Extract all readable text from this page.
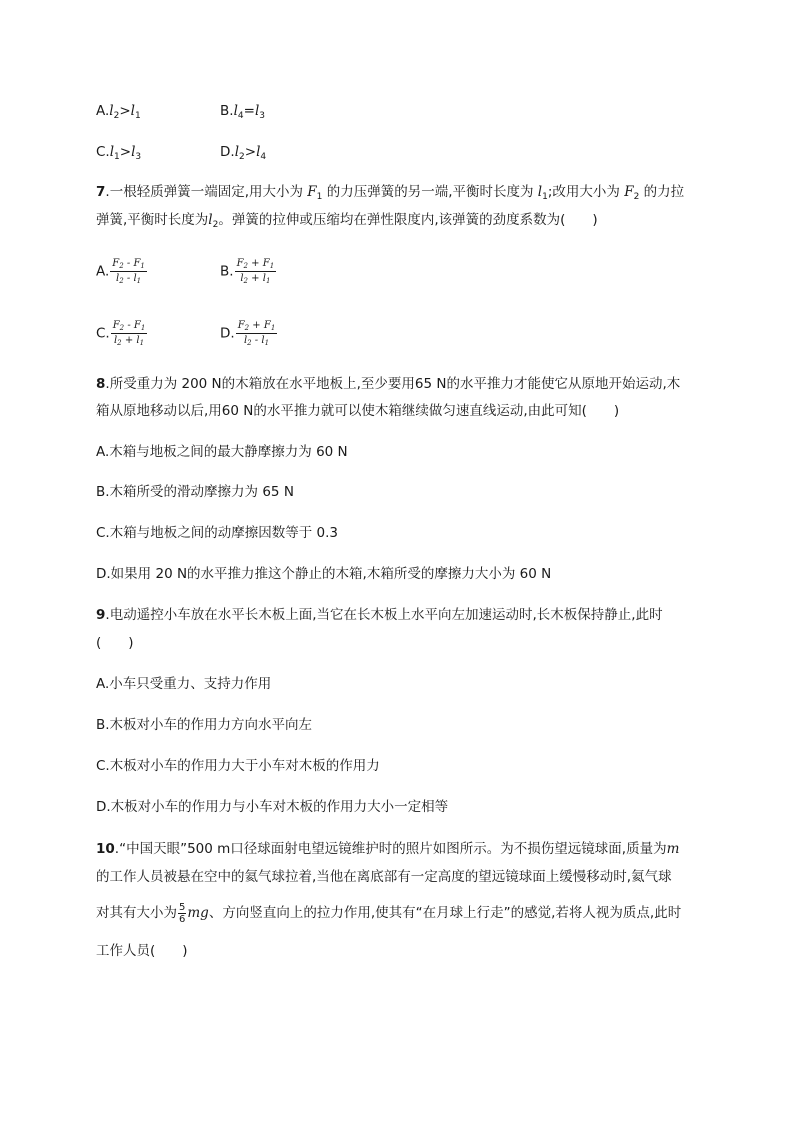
$A.l_2>l_1$	$B.l_4=l_3$
$C.l_1>l_3$	$D.l_2>l_4$
7.一根轻质弹簧一端固定,用大小为 $F_1$ 的力压弹簧的另一端,平衡时长度为 $l_1$;改用大小为 $F_2$ 的力拉
弹簧,平衡时长度为$l_2$。弹簧的拉伸或压缩均在弹性限度内,该弹簧的劲度系数为(　　)
A. $\frac{F_2 - F_1}{l_2 - l_1}$	B. $\frac{F_2 + F_1}{l_2 + l_1}$
C. $\frac{F_2 - F_1}{l_2 + l_1}$	D. $\frac{F_2 + F_1}{l_2 - l_1}$
8.所受重力为 200 N的木箱放在水平地板上,至少要用65 N的水平推力才能使它从原地开始运动,木
箱从原地移动以后,用60 N的水平推力就可以使木箱继续做匀速直线运动,由此可知(　　)
A.木箱与地板之间的最大静摩擦力为 60 N
B.木箱所受的滑动摩擦力为 65 N
C.木箱与地板之间的动摩擦因数等于 0.3
D.如果用 20 N的水平推力推这个静止的木箱,木箱所受的摩擦力大小为 60 N
9.电动遥控小车放在水平长木板上面,当它在长木板上水平向左加速运动时,长木板保持静止,此时
(　　)
A.小车只受重力、支持力作用
B.木板对小车的作用力方向水平向左
C.木板对小车的作用力大于小车对木板的作用力
D.木板对小车的作用力与小车对木板的作用力大小一定相等
10.“中国天眼”500 m口径球面射电望远镜维护时的照片如图所示。为不损伤望远镜球面,质量为m
的工作人员被悬在空中的氦气球拉着,当他在离底部有一定高度的望远镜球面上缓慢移动时,氦气球
对其有大小为 $\frac{5}{6}$ mg、方向竖直向上的拉力作用,使其有“在月球上行走”的感觉,若将人视为质点,此时
工作人员(　　)
